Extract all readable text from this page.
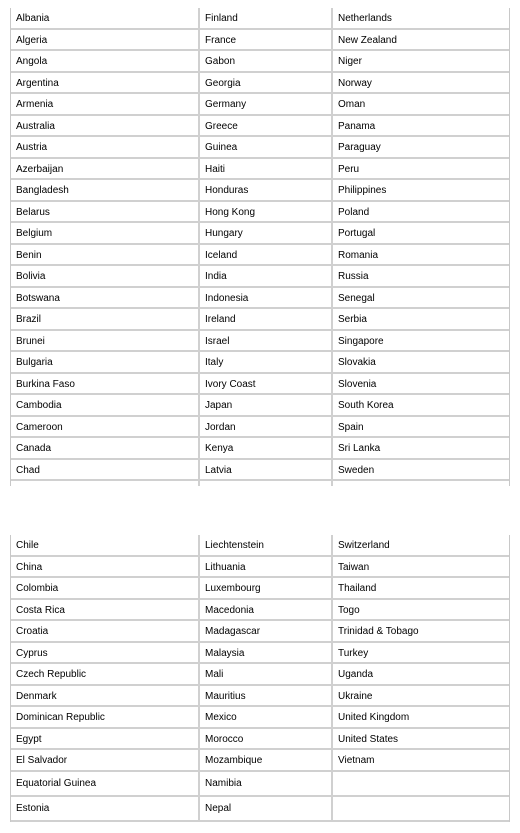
Albania	Finland	Netherlands
Algeria	France	New Zealand
Angola	Gabon	Niger
Argentina	Georgia	Norway
Armenia	Germany	Oman
Australia	Greece	Panama
Austria	Guinea	Paraguay
Azerbaijan	Haiti	Peru
Bangladesh	Honduras	Philippines
Belarus	Hong Kong	Poland
Belgium	Hungary	Portugal
Benin	Iceland	Romania
Bolivia	India	Russia
Botswana	Indonesia	Senegal
Brazil	Ireland	Serbia
Brunei	Israel	Singapore
Bulgaria	Italy	Slovakia
Burkina Faso	Ivory Coast	Slovenia
Cambodia	Japan	South Korea
Cameroon	Jordan	Spain
Canada	Kenya	Sri Lanka
Chad	Latvia	Sweden
Chile	Liechtenstein	Switzerland
China	Lithuania	Taiwan
Colombia	Luxembourg	Thailand
Costa Rica	Macedonia	Togo
Croatia	Madagascar	Trinidad & Tobago
Cyprus	Malaysia	Turkey
Czech Republic	Mali	Uganda
Denmark	Mauritius	Ukraine
Dominican Republic	Mexico	United Kingdom
Egypt	Morocco	United States
El Salvador	Mozambique	Vietnam
Equatorial Guinea	Namibia
Estonia	Nepal
